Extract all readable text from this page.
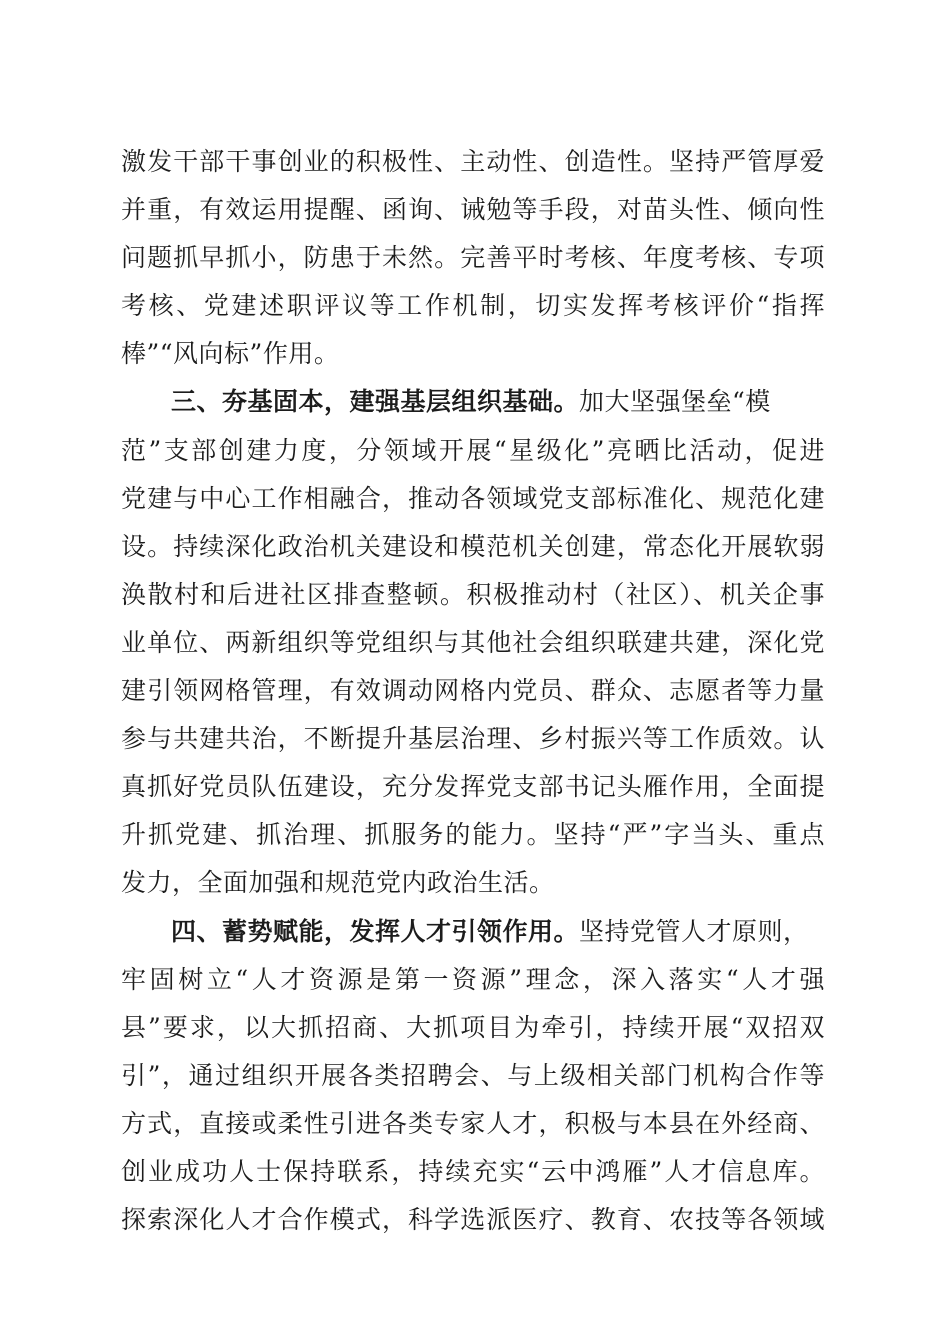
激发干部干事创业的积极性、主动性、创造性。坚持严管厚爱
并重，有效运用提醒、函询、诫勉等手段，对苗头性、倾向性
问题抓早抓小，防患于未然。完善平时考核、年度考核、专项
考核、党建述职评议等工作机制，切实发挥考核评价“指挥
棒”“风向标”作用。
三、夯基固本，建强基层组织基础。加大坚强堡垒“模
范”支部创建力度，分领域开展“星级化”亮晒比活动，促进
党建与中心工作相融合，推动各领域党支部标准化、规范化建
设。持续深化政治机关建设和模范机关创建，常态化开展软弱
涣散村和后进社区排查整顿。积极推动村（社区）、机关企事
业单位、两新组织等党组织与其他社会组织联建共建，深化党
建引领网格管理，有效调动网格内党员、群众、志愿者等力量
参与共建共治，不断提升基层治理、乡村振兴等工作质效。认
真抓好党员队伍建设，充分发挥党支部书记头雁作用，全面提
升抓党建、抓治理、抓服务的能力。坚持“严”字当头、重点
发力，全面加强和规范党内政治生活。
四、蓄势赋能，发挥人才引领作用。坚持党管人才原则，
牢固树立“人才资源是第一资源”理念，深入落实“人才强
县”要求，以大抓招商、大抓项目为牵引，持续开展“双招双
引”，通过组织开展各类招聘会、与上级相关部门机构合作等
方式，直接或柔性引进各类专家人才，积极与本县在外经商、
创业成功人士保持联系，持续充实“云中鸿雁”人才信息库。
探索深化人才合作模式，科学选派医疗、教育、农技等各领域
